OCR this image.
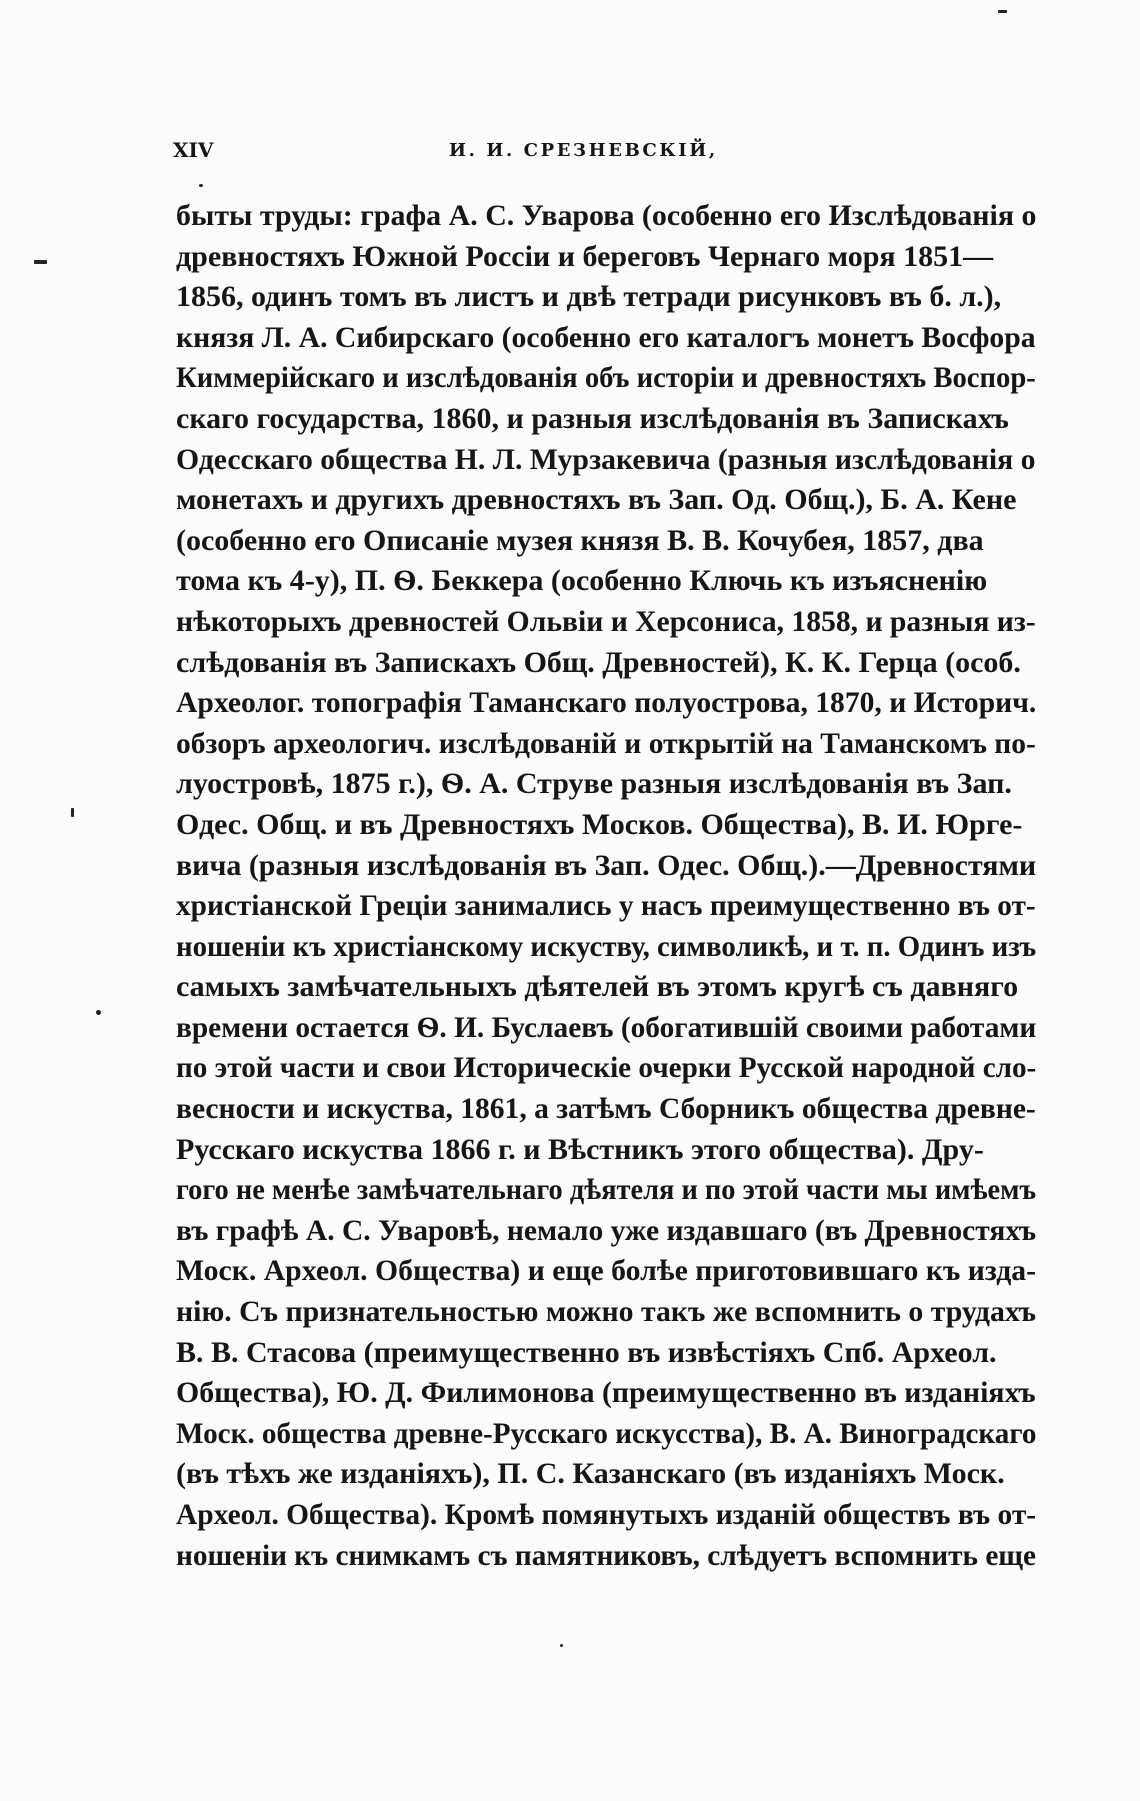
XIV	И. И. СРЕЗНЕВСКІЙ,
быты труды: графа А. С. Уварова (особенно его Изслѣдованія о
древностяхъ Южной Россіи и береговъ Чернаго моря 1851—
1856, одинъ томъ въ листъ и двѣ тетради рисунковъ въ б. л.),
князя Л. А. Сибирскаго (особенно его каталогъ монетъ Восфора
Киммерійскаго и изслѣдованія объ исторіи и древностяхъ Воспор-
скаго государства, 1860, и разныя изслѣдованія въ Запискахъ
Одесскаго общества Н. Л. Мурзакевича (разныя изслѣдованія о
монетахъ и другихъ древностяхъ въ Зап. Од. Общ.), Б. А. Кене
(особенно его Описаніе музея князя В. В. Кочубея, 1857, два
тома къ 4-у), П. Ѳ. Беккера (особенно Ключь къ изъясненію
нѣкоторыхъ древностей Ольвіи и Херсониса, 1858, и разныя из-
слѣдованія въ Запискахъ Общ. Древностей), К. К. Герца (особ.
Археолог. топографія Таманскаго полуострова, 1870, и Историч.
обзоръ археологич. изслѣдованій и открытій на Таманскомъ по-
луостровѣ, 1875 г.), Ѳ. А. Струве разныя изслѣдованія въ Зап.
Одес. Общ. и въ Древностяхъ Москов. Общества), В. И. Юрге-
вича (разныя изслѣдованія въ Зап. Одес. Общ.).—Древностями
христіанской Греціи занимались у насъ преимущественно въ от-
ношеніи къ христіанскому искуству, символикѣ, и т. п. Одинъ изъ
самыхъ замѣчательныхъ дѣятелей въ этомъ кругѣ съ давняго
времени остается Ѳ. И. Буслаевъ (обогатившій своими работами
по этой части и свои Историческіе очерки Русской народной сло-
весности и искуства, 1861, а затѣмъ Сборникъ общества древне-
Русскаго искуства 1866 г. и Вѣстникъ этого общества). Дру-
гого не менѣе замѣчательнаго дѣятеля и по этой части мы имѣемъ
въ графѣ А. С. Уваровѣ, немало уже издавшаго (въ Древностяхъ
Моск. Археол. Общества) и еще болѣе приготовившаго къ изда-
нію. Съ признательностью можно такъ же вспомнить о трудахъ
В. В. Стасова (преимущественно въ извѣстіяхъ Спб. Археол.
Общества), Ю. Д. Филимонова (преимущественно въ изданіяхъ
Моск. общества древне-Русскаго искусства), В. А. Виноградскаго
(въ тѣхъ же изданіяхъ), П. С. Казанскаго (въ изданіяхъ Моск.
Археол. Общества). Кромѣ помянутыхъ изданій обществъ въ от-
ношеніи къ снимкамъ съ памятниковъ, слѣдуетъ вспомнить еще
